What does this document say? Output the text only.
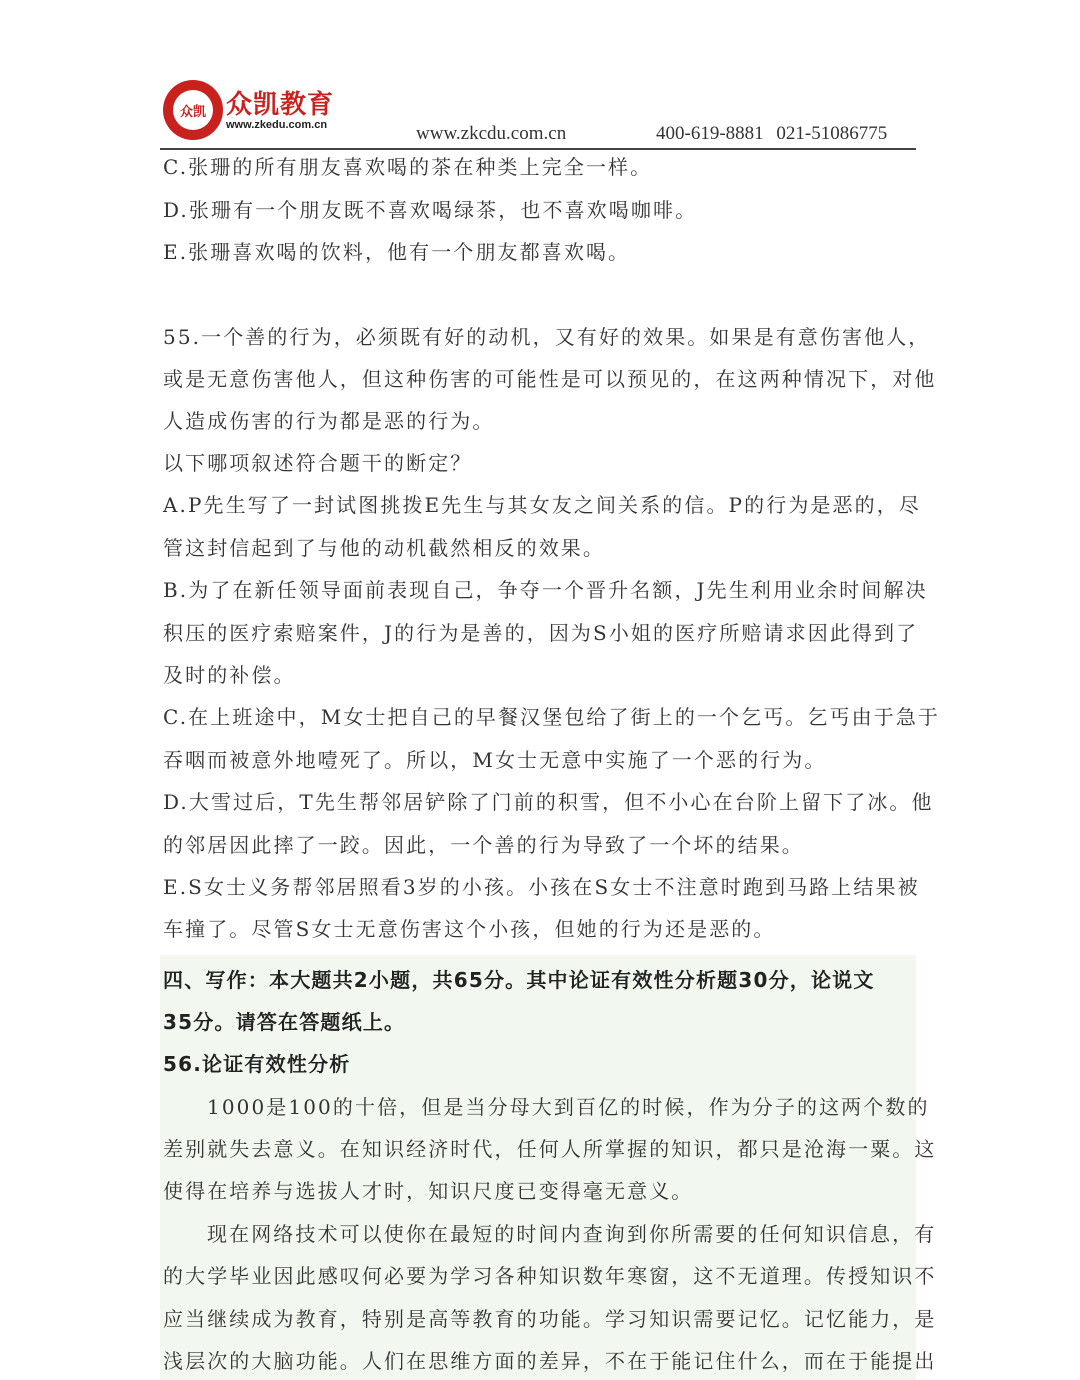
众凯 众凯教育
www.zkedu.com.cn	www.zkcdu.com.cn	400-619-8881 021-51086775
C.张珊的所有朋友喜欢喝的茶在种类上完全一样。
D.张珊有一个朋友既不喜欢喝绿茶，也不喜欢喝咖啡。
E.张珊喜欢喝的饮料，他有一个朋友都喜欢喝。
55.一个善的行为，必须既有好的动机，又有好的效果。如果是有意伤害他人，
或是无意伤害他人，但这种伤害的可能性是可以预见的，在这两种情况下，对他
人造成伤害的行为都是恶的行为。
以下哪项叙述符合题干的断定？
A.P先生写了一封试图挑拨E先生与其女友之间关系的信。P的行为是恶的，尽
管这封信起到了与他的动机截然相反的效果。
B.为了在新任领导面前表现自己，争夺一个晋升名额，J先生利用业余时间解决
积压的医疗索赔案件，J的行为是善的，因为S小姐的医疗所赔请求因此得到了
及时的补偿。
C.在上班途中，M女士把自己的早餐汉堡包给了街上的一个乞丐。乞丐由于急于
吞咽而被意外地噎死了。所以，M女士无意中实施了一个恶的行为。
D.大雪过后，T先生帮邻居铲除了门前的积雪，但不小心在台阶上留下了冰。他
的邻居因此摔了一跤。因此，一个善的行为导致了一个坏的结果。
E.S女士义务帮邻居照看3岁的小孩。小孩在S女士不注意时跑到马路上结果被
车撞了。尽管S女士无意伤害这个小孩，但她的行为还是恶的。
四、写作：本大题共2小题，共65分。其中论证有效性分析题30分，论说文
35分。请答在答题纸上。
56.论证有效性分析
1000是100的十倍，但是当分母大到百亿的时候，作为分子的这两个数的
差别就失去意义。在知识经济时代，任何人所掌握的知识，都只是沧海一粟。这
使得在培养与选拔人才时，知识尺度已变得毫无意义。
现在网络技术可以使你在最短的时间内查询到你所需要的任何知识信息，有
的大学毕业因此感叹何必要为学习各种知识数年寒窗，这不无道理。传授知识不
应当继续成为教育，特别是高等教育的功能。学习知识需要记忆。记忆能力，是
浅层次的大脑功能。人们在思维方面的差异，不在于能记住什么，而在于能提出
